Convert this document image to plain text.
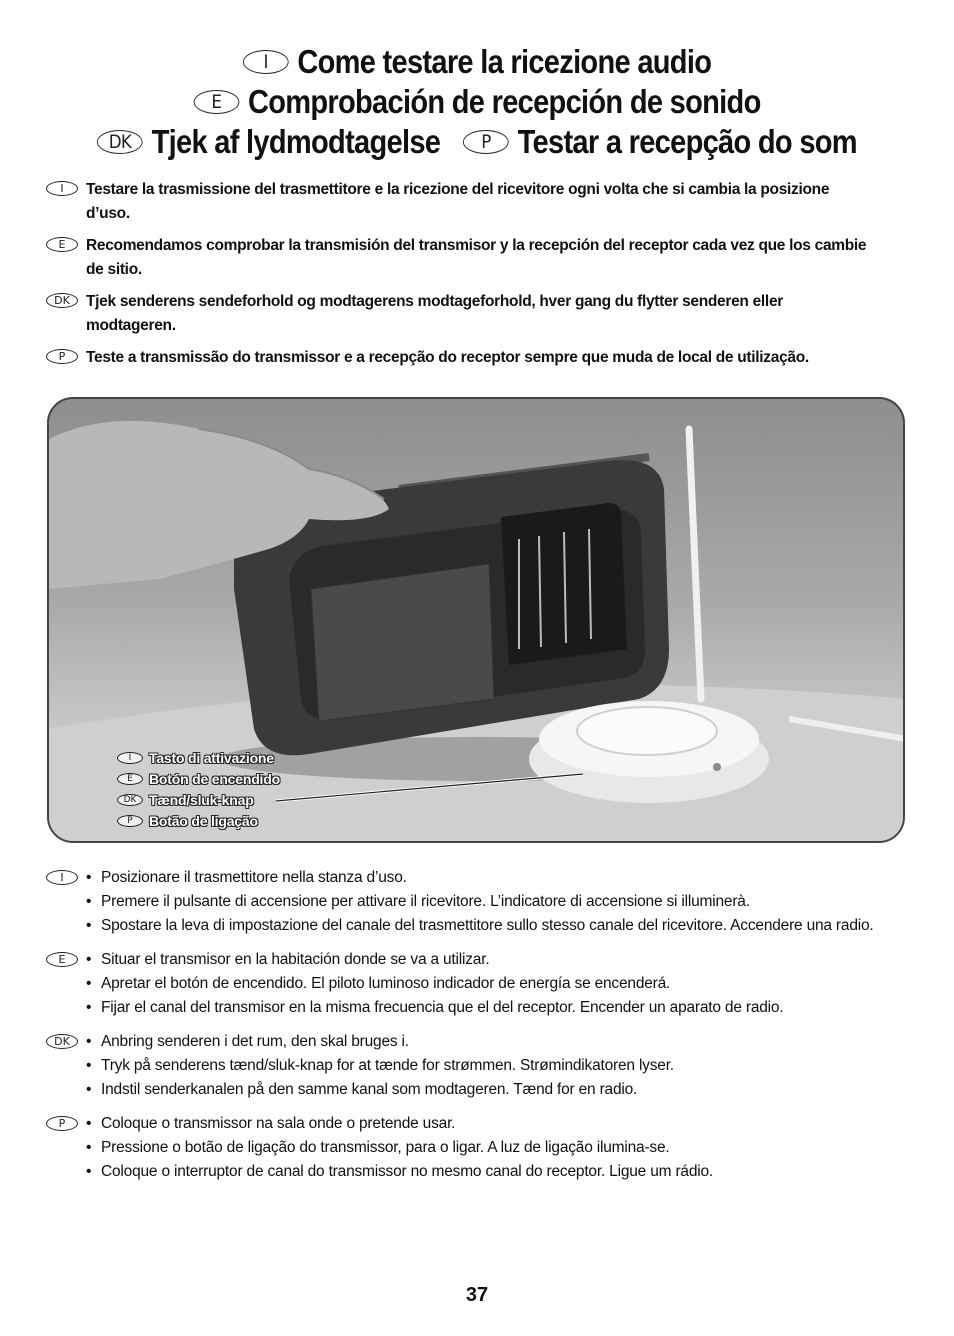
I Come testare la ricezione audio
E Comprobación de recepción de sonido
DK Tjek af lydmodtagelse	P Testar a recepção do som
I	Testare la trasmissione del trasmettitore e la ricezione del ricevitore ogni volta che si cambia la posizione d’uso.
E	Recomendamos comprobar la transmisión del transmisor y la recepción del receptor cada vez que los cambie de sitio.
DK	Tjek senderens sendeforhold og modtagerens modtageforhold, hver gang du flytter senderen eller modtageren.
P	Teste a transmissão do transmissor e a recepção do receptor sempre que muda de local de utilização.
I	Tasto di attivazione
E	Botón de encendido
DK Tænd/sluk-knap
P	Botão de ligação
I	• Posizionare il trasmettitore nella stanza d’uso.
• Premere il pulsante di accensione per attivare il ricevitore. L’indicatore di accensione si illuminerà.
• Spostare la leva di impostazione del canale del trasmettitore sullo stesso canale del ricevitore. Accendere una radio.
E	• Situar el transmisor en la habitación donde se va a utilizar.
• Apretar el botón de encendido. El piloto luminoso indicador de energía se encenderá.
• Fijar el canal del transmisor en la misma frecuencia que el del receptor. Encender un aparato de radio.
DK	• Anbring senderen i det rum, den skal bruges i.
• Tryk på senderens tænd/sluk-knap for at tænde for strømmen. Strømindikatoren lyser.
• Indstil senderkanalen på den samme kanal som modtageren. Tænd for en radio.
P	• Coloque o transmissor na sala onde o pretende usar.
• Pressione o botão de ligação do transmissor, para o ligar. A luz de ligação ilumina-se.
• Coloque o interruptor de canal do transmissor no mesmo canal do receptor. Ligue um rádio.
37
